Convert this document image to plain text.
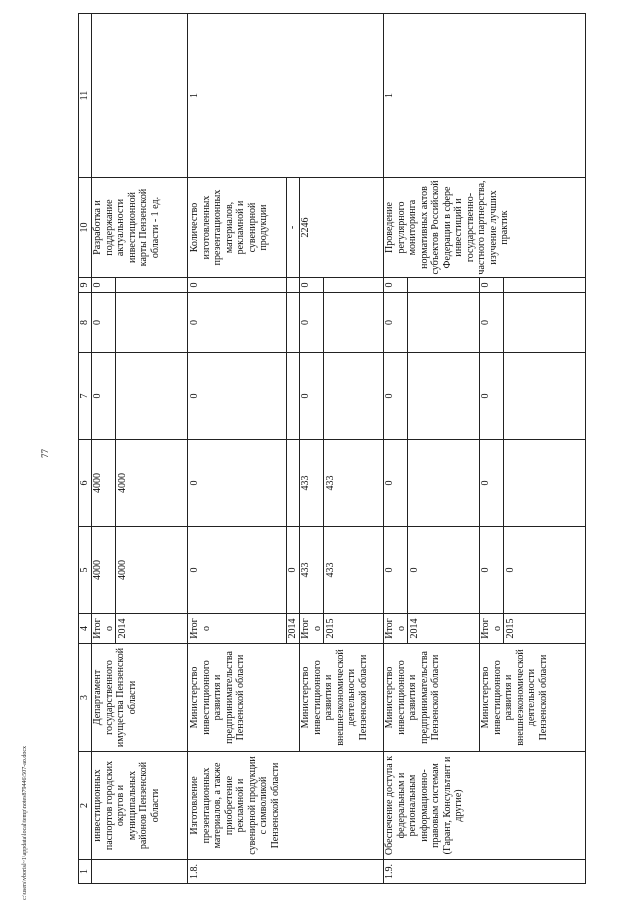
77
c:\users\vborisl~1\appdata\local\temp\notes879446\507-ao.docx	1	2	3	4	5	6	7	8	9	10	11
	инвестиционных паспортов городских округов и муниципальных районов Пензенской области	Департамент государственного имущества Пензенской области	Итого	4000	4000	0	0	0	Разработка и поддержание актуальности инвестиционной карты Пензенской области - 1 ед.	
			2014	4000	4000					
1.8.	Изготовление презентационных материалов, а также приобретение рекламной и сувенирной продукции с символикой Пензенской области	Министерство инвестиционного развития и предпринимательства Пензенской области	Итого	0	0	0	0	0	Количество изготовленных презентационных материалов, рекламной и сувенирной продукции	1
			2014	0					-	
		Министерство инвестиционного развития и внешнеэкономической деятельности Пензенской области	Итого	433	433	0	0	0	2246	
			2015	433	433					

1.9.	Обеспечение доступа к федеральным и региональным информационно-правовым системам (Гарант, Консультант и другие)	Министерство инвестиционного развития и предпринимательства Пензенской области	Итого	0	0	0	0	0	Проведение регулярного мониторинга нормативных актов субъектов Российской Федерации в сфере инвестиций и государственно-частного партнерства, изучение лучших практик	1
			2014	0						
		Министерство инвестиционного развития и внешнеэкономической деятельности Пензенской области	Итого	0	0	0	0	0		
			2015	0						
